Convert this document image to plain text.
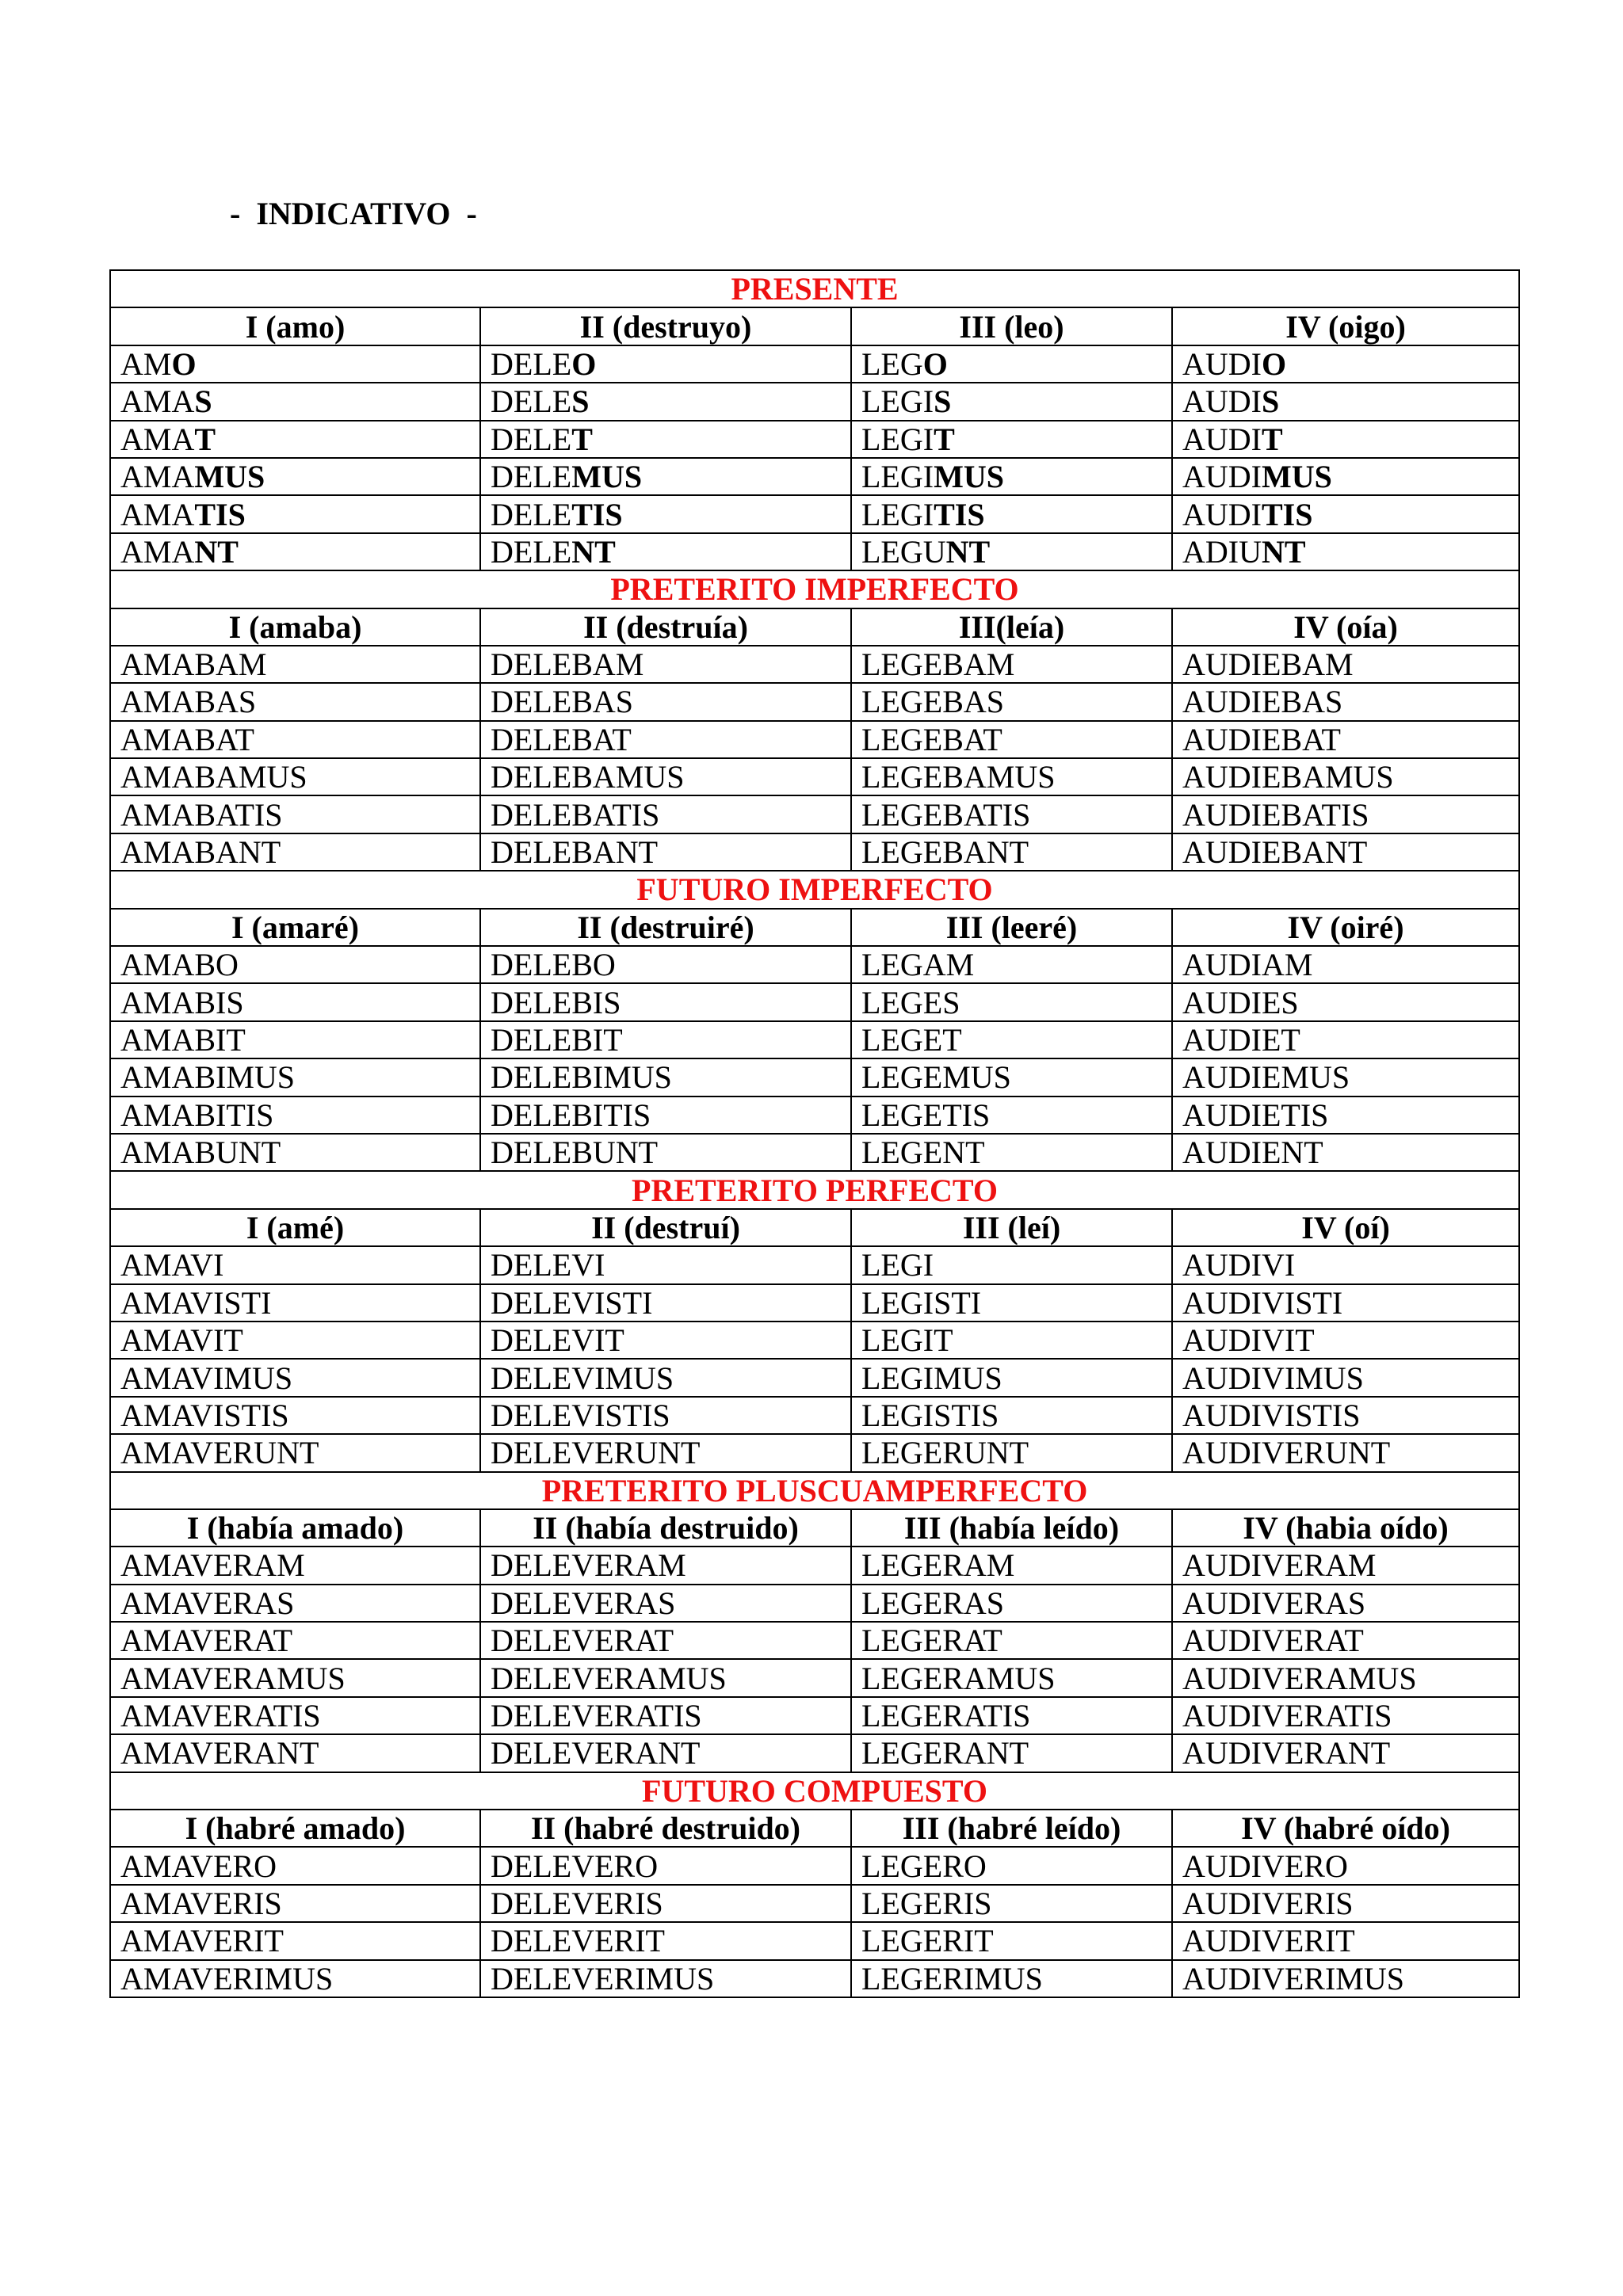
-  INDICATIVO  -
PRESENTE			
I (amo)	II (destruyo)	III (leo)	IV (oigo)
AMO	DELEO	LEGO	AUDIO
AMAS	DELES	LEGIS	AUDIS
AMAT	DELET	LEGIT	AUDIT
AMAMUS	DELEMUS	LEGIMUS	AUDIMUS
AMATIS	DELETIS	LEGITIS	AUDITIS
AMANT	DELENT	LEGUNT	ADIUNT
PRETERITO IMPERFECTO			
I (amaba)	II (destruía)	III(leía)	IV (oía)
AMABAM	DELEBAM	LEGEBAM	AUDIEBAM
AMABAS	DELEBAS	LEGEBAS	AUDIEBAS
AMABAT	DELEBAT	LEGEBAT	AUDIEBAT
AMABAMUS	DELEBAMUS	LEGEBAMUS	AUDIEBAMUS
AMABATIS	DELEBATIS	LEGEBATIS	AUDIEBATIS
AMABANT	DELEBANT	LEGEBANT	AUDIEBANT
FUTURO IMPERFECTO			
I (amaré)	II (destruiré)	III (leeré)	IV (oiré)
AMABO	DELEBO	LEGAM	AUDIAM
AMABIS	DELEBIS	LEGES	AUDIES
AMABIT	DELEBIT	LEGET	AUDIET
AMABIMUS	DELEBIMUS	LEGEMUS	AUDIEMUS
AMABITIS	DELEBITIS	LEGETIS	AUDIETIS
AMABUNT	DELEBUNT	LEGENT	AUDIENT
PRETERITO PERFECTO			
I (amé)	II (destruí)	III (leí)	IV (oí)
AMAVI	DELEVI	LEGI	AUDIVI
AMAVISTI	DELEVISTI	LEGISTI	AUDIVISTI
AMAVIT	DELEVIT	LEGIT	AUDIVIT
AMAVIMUS	DELEVIMUS	LEGIMUS	AUDIVIMUS
AMAVISTIS	DELEVISTIS	LEGISTIS	AUDIVISTIS
AMAVERUNT	DELEVERUNT	LEGERUNT	AUDIVERUNT
PRETERITO PLUSCUAMPERFECTO			
I (había amado)	II (había destruido)	III (había leído)	IV (habia oído)
AMAVERAM	DELEVERAM	LEGERAM	AUDIVERAM
AMAVERAS	DELEVERAS	LEGERAS	AUDIVERAS
AMAVERAT	DELEVERAT	LEGERAT	AUDIVERAT
AMAVERAMUS	DELEVERAMUS	LEGERAMUS	AUDIVERAMUS
AMAVERATIS	DELEVERATIS	LEGERATIS	AUDIVERATIS
AMAVERANT	DELEVERANT	LEGERANT	AUDIVERANT
FUTURO COMPUESTO			
I (habré amado)	II (habré destruido)	III (habré leído)	IV (habré oído)
AMAVERO	DELEVERO	LEGERO	AUDIVERO
AMAVERIS	DELEVERIS	LEGERIS	AUDIVERIS
AMAVERIT	DELEVERIT	LEGERIT	AUDIVERIT
AMAVERIMUS	DELEVERIMUS	LEGERIMUS	AUDIVERIMUS
